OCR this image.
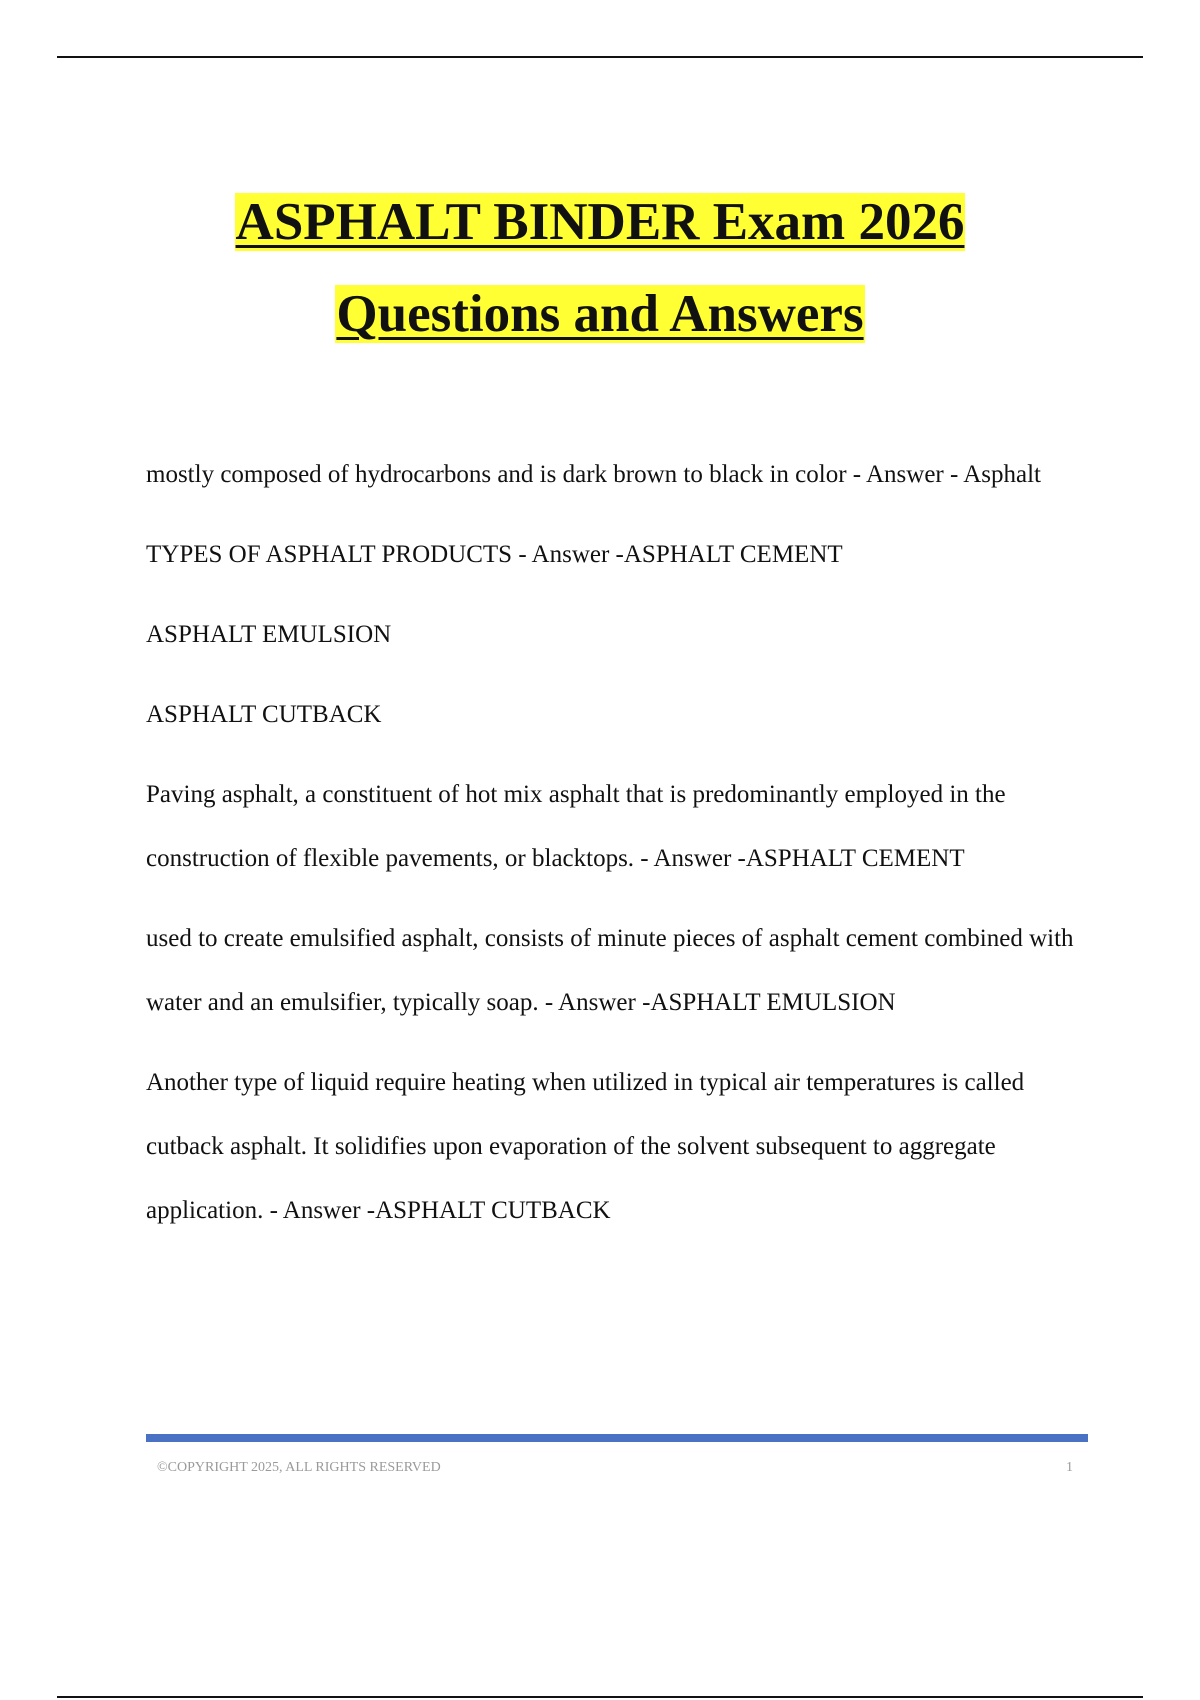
ASPHALT BINDER Exam 2026
Questions and Answers

mostly composed of hydrocarbons and is dark brown to black in color - Answer - Asphalt

TYPES OF ASPHALT PRODUCTS - Answer -ASPHALT CEMENT

ASPHALT EMULSION

ASPHALT CUTBACK

Paving asphalt, a constituent of hot mix asphalt that is predominantly employed in the construction of flexible pavements, or blacktops. - Answer -ASPHALT CEMENT

used to create emulsified asphalt, consists of minute pieces of asphalt cement combined with water and an emulsifier, typically soap. - Answer -ASPHALT EMULSION

Another type of liquid require heating when utilized in typical air temperatures is called cutback asphalt. It solidifies upon evaporation of the solvent subsequent to aggregate application. - Answer -ASPHALT CUTBACK

©COPYRIGHT 2025, ALL RIGHTS RESERVED	1
